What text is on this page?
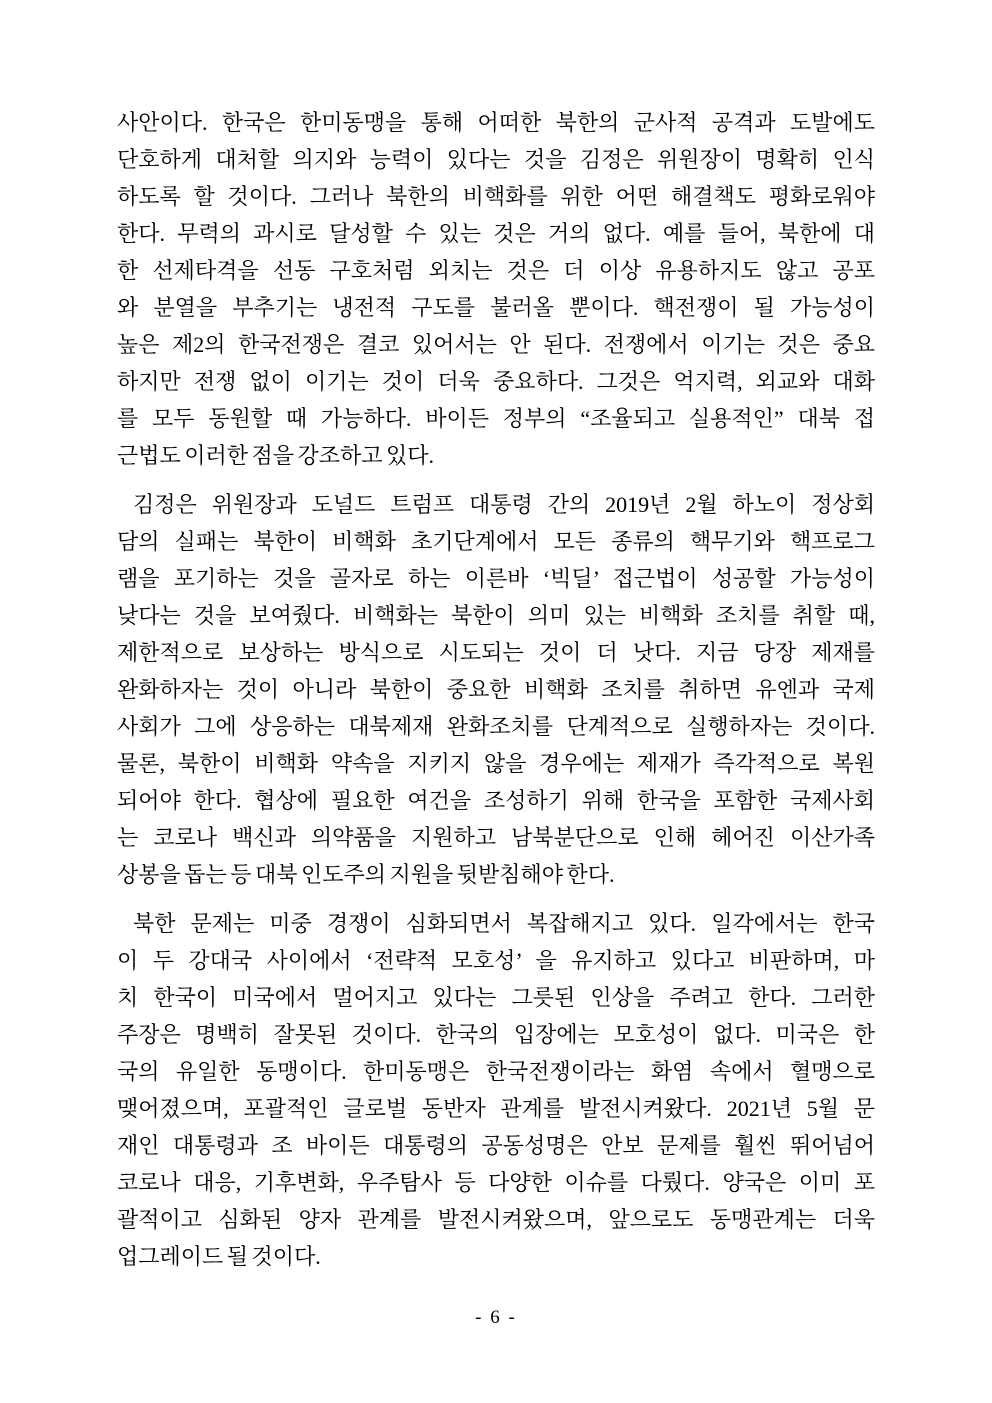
사안이다. 한국은 한미동맹을 통해 어떠한 북한의 군사적 공격과 도발에도
단호하게 대처할 의지와 능력이 있다는 것을 김정은 위원장이 명확히 인식
하도록 할 것이다. 그러나 북한의 비핵화를 위한 어떤 해결책도 평화로워야
한다. 무력의 과시로 달성할 수 있는 것은 거의 없다. 예를 들어, 북한에 대
한 선제타격을 선동 구호처럼 외치는 것은 더 이상 유용하지도 않고 공포
와 분열을 부추기는 냉전적 구도를 불러올 뿐이다. 핵전쟁이 될 가능성이
높은 제2의 한국전쟁은 결코 있어서는 안 된다. 전쟁에서 이기는 것은 중요
하지만 전쟁 없이 이기는 것이 더욱 중요하다. 그것은 억지력, 외교와 대화
를 모두 동원할 때 가능하다. 바이든 정부의 “조율되고 실용적인” 대북 접
근법도 이러한 점을 강조하고 있다.
김정은 위원장과 도널드 트럼프 대통령 간의 2019년 2월 하노이 정상회
담의 실패는 북한이 비핵화 초기단계에서 모든 종류의 핵무기와 핵프로그
램을 포기하는 것을 골자로 하는 이른바 ‘빅딜’ 접근법이 성공할 가능성이
낮다는 것을 보여줬다. 비핵화는 북한이 의미 있는 비핵화 조치를 취할 때,
제한적으로 보상하는 방식으로 시도되는 것이 더 낫다. 지금 당장 제재를
완화하자는 것이 아니라 북한이 중요한 비핵화 조치를 취하면 유엔과 국제
사회가 그에 상응하는 대북제재 완화조치를 단계적으로 실행하자는 것이다.
물론, 북한이 비핵화 약속을 지키지 않을 경우에는 제재가 즉각적으로 복원
되어야 한다. 협상에 필요한 여건을 조성하기 위해 한국을 포함한 국제사회
는 코로나 백신과 의약품을 지원하고 남북분단으로 인해 헤어진 이산가족
상봉을 돕는 등 대북 인도주의 지원을 뒷받침해야 한다.
북한 문제는 미중 경쟁이 심화되면서 복잡해지고 있다. 일각에서는 한국
이 두 강대국 사이에서 ‘전략적 모호성’ 을 유지하고 있다고 비판하며, 마
치 한국이 미국에서 멀어지고 있다는 그릇된 인상을 주려고 한다. 그러한
주장은 명백히 잘못된 것이다. 한국의 입장에는 모호성이 없다. 미국은 한
국의 유일한 동맹이다. 한미동맹은 한국전쟁이라는 화염 속에서 혈맹으로
맺어졌으며, 포괄적인 글로벌 동반자 관계를 발전시켜왔다. 2021년 5월 문
재인 대통령과 조 바이든 대통령의 공동성명은 안보 문제를 훨씬 뛰어넘어
코로나 대응, 기후변화, 우주탐사 등 다양한 이슈를 다뤘다. 양국은 이미 포
괄적이고 심화된 양자 관계를 발전시켜왔으며, 앞으로도 동맹관계는 더욱
업그레이드 될 것이다.
- 6 -
